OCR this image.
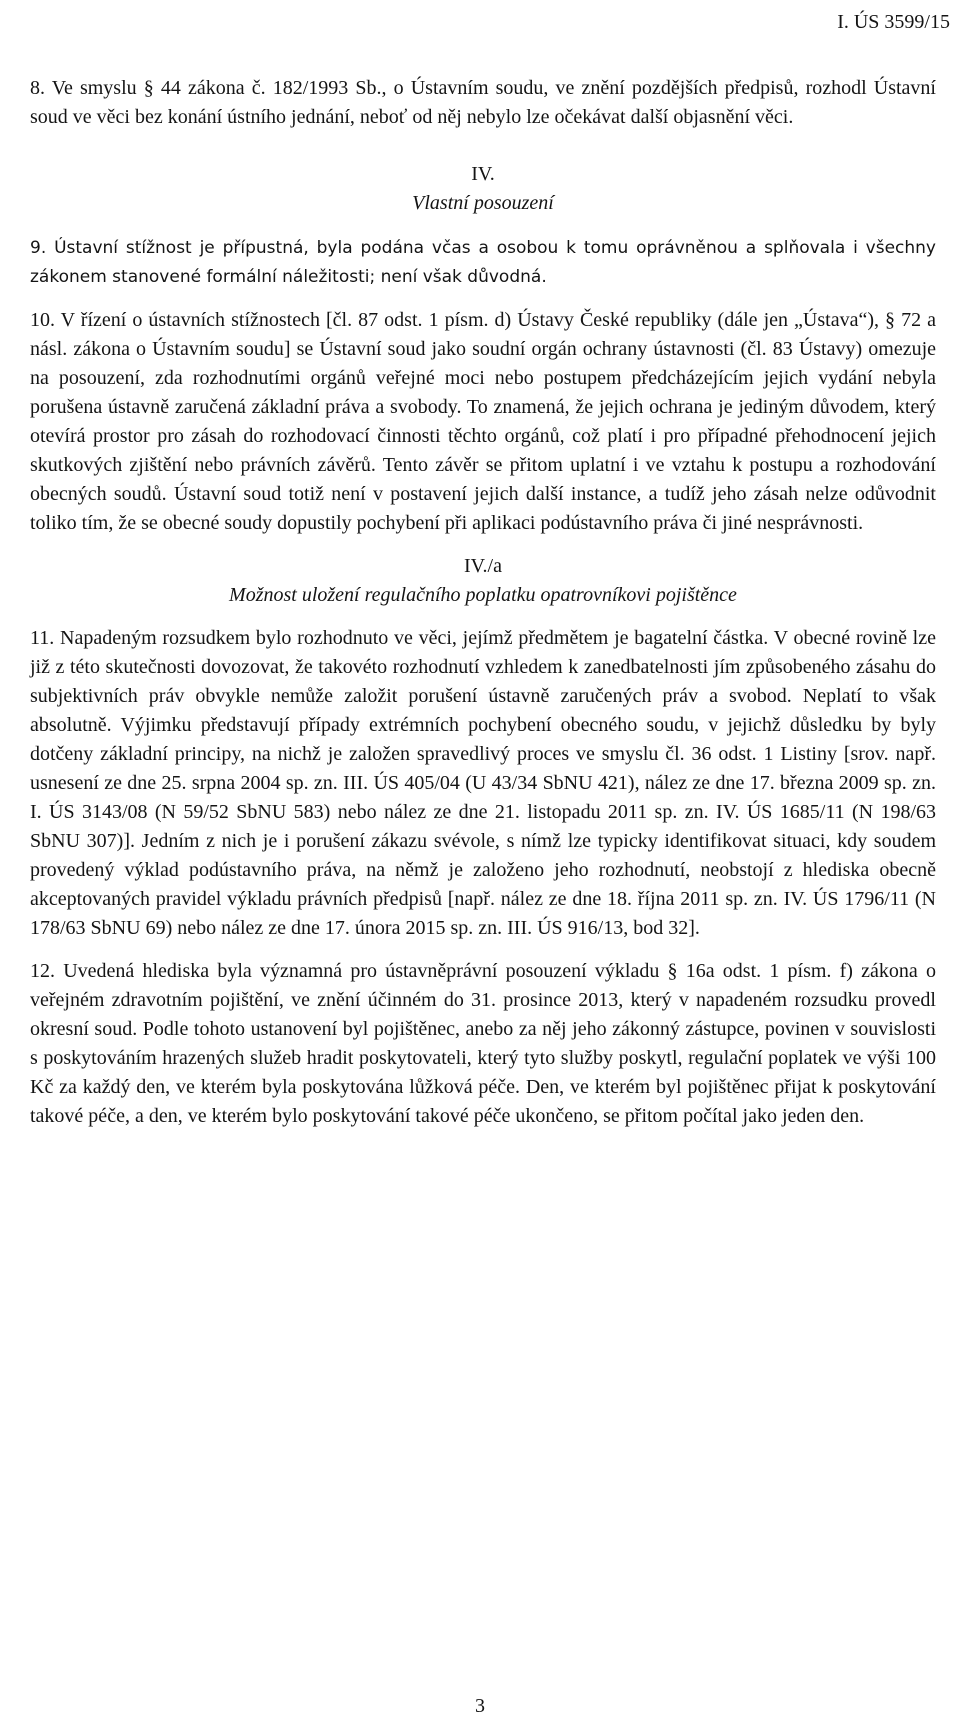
I. ÚS 3599/15

8. Ve smyslu § 44 zákona č. 182/1993 Sb., o Ústavním soudu, ve znění pozdějších předpisů, rozhodl Ústavní soud ve věci bez konání ústního jednání, neboť od něj nebylo lze očekávat další objasnění věci.

IV.
Vlastní posouzení

9. Ústavní stížnost je přípustná, byla podána včas a osobou k tomu oprávněnou a splňovala i všechny zákonem stanovené formální náležitosti; není však důvodná.

10. V řízení o ústavních stížnostech [čl. 87 odst. 1 písm. d) Ústavy České republiky (dále jen „Ústava“), § 72 a násl. zákona o Ústavním soudu] se Ústavní soud jako soudní orgán ochrany ústavnosti (čl. 83 Ústavy) omezuje na posouzení, zda rozhodnutími orgánů veřejné moci nebo postupem předcházejícím jejich vydání nebyla porušena ústavně zaručená základní práva a svobody. To znamená, že jejich ochrana je jediným důvodem, který otevírá prostor pro zásah do rozhodovací činnosti těchto orgánů, což platí i pro případné přehodnocení jejich skutkových zjištění nebo právních závěrů. Tento závěr se přitom uplatní i ve vztahu k postupu a rozhodování obecných soudů. Ústavní soud totiž není v postavení jejich další instance, a tudíž jeho zásah nelze odůvodnit toliko tím, že se obecné soudy dopustily pochybení při aplikaci podústavního práva či jiné nesprávnosti.

IV./a
Možnost uložení regulačního poplatku opatrovníkovi pojištěnce

11. Napadeným rozsudkem bylo rozhodnuto ve věci, jejímž předmětem je bagatelní částka. V obecné rovině lze již z této skutečnosti dovozovat, že takovéto rozhodnutí vzhledem k zanedbatelnosti jím způsobeného zásahu do subjektivních práv obvykle nemůže založit porušení ústavně zaručených práv a svobod. Neplatí to však absolutně. Výjimku představují případy extrémních pochybení obecného soudu, v jejichž důsledku by byly dotčeny základní principy, na nichž je založen spravedlivý proces ve smyslu čl. 36 odst. 1 Listiny [srov. např. usnesení ze dne 25. srpna 2004 sp. zn. III. ÚS 405/04 (U 43/34 SbNU 421), nález ze dne 17. března 2009 sp. zn. I. ÚS 3143/08 (N 59/52 SbNU 583) nebo nález ze dne 21. listopadu 2011 sp. zn. IV. ÚS 1685/11 (N 198/63 SbNU 307)]. Jedním z nich je i porušení zákazu svévole, s nímž lze typicky identifikovat situaci, kdy soudem provedený výklad podústavního práva, na němž je založeno jeho rozhodnutí, neobstojí z hlediska obecně akceptovaných pravidel výkladu právních předpisů [např. nález ze dne 18. října 2011 sp. zn. IV. ÚS 1796/11 (N 178/63 SbNU 69) nebo nález ze dne 17. února 2015 sp. zn. III. ÚS 916/13, bod 32].

12. Uvedená hlediska byla významná pro ústavněprávní posouzení výkladu § 16a odst. 1 písm. f) zákona o veřejném zdravotním pojištění, ve znění účinném do 31. prosince 2013, který v napadeném rozsudku provedl okresní soud. Podle tohoto ustanovení byl pojištěnec, anebo za něj jeho zákonný zástupce, povinen v souvislosti s poskytováním hrazených služeb hradit poskytovateli, který tyto služby poskytl, regulační poplatek ve výši 100 Kč za každý den, ve kterém byla poskytována lůžková péče. Den, ve kterém byl pojištěnec přijat k poskytování takové péče, a den, ve kterém bylo poskytování takové péče ukončeno, se přitom počítal jako jeden den.

3
